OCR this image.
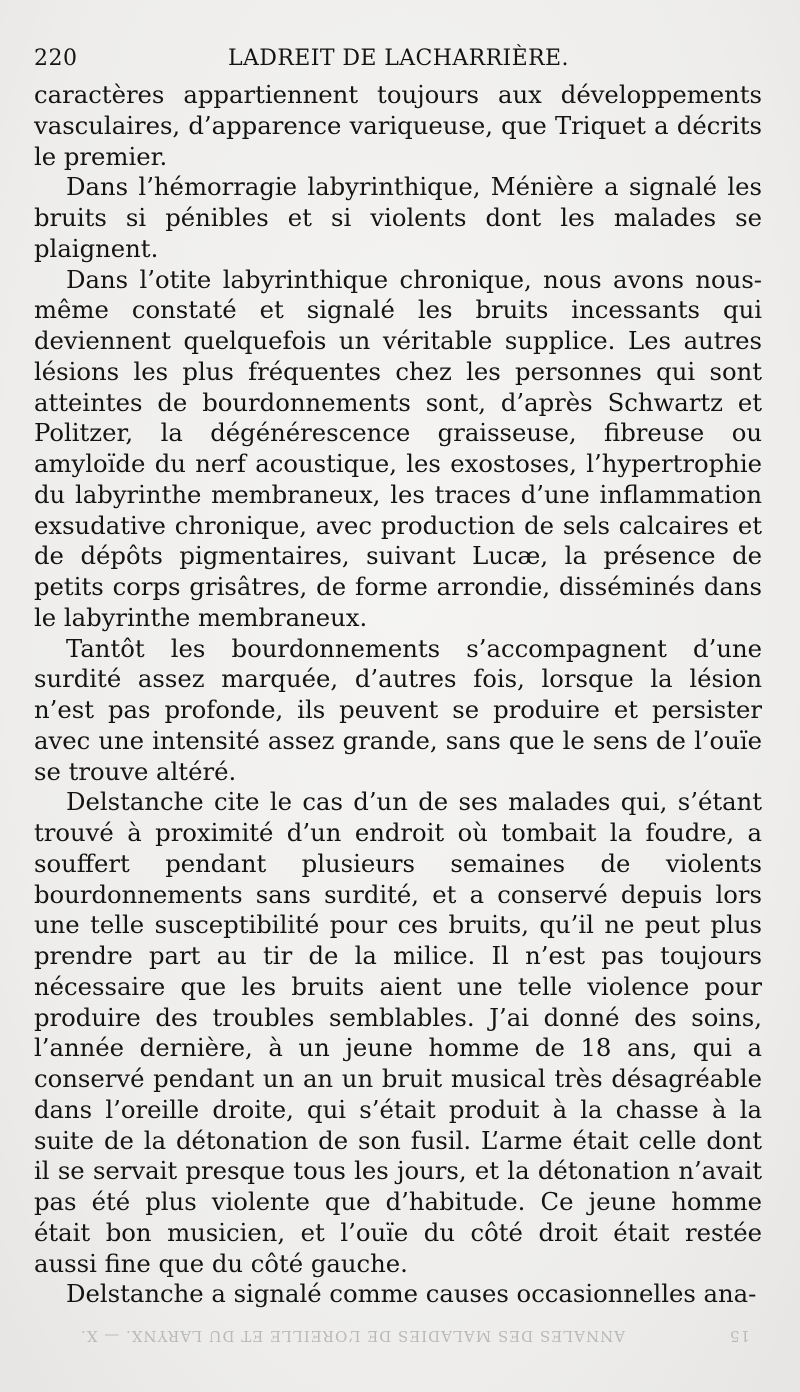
220	LADREIT DE LACHARRIÈRE.

caractères appartiennent toujours aux développements vasculaires, d’apparence variqueuse, que Triquet a décrits le premier.

Dans l’hémorragie labyrinthique, Ménière a signalé les bruits si pénibles et si violents dont les malades se plaignent.

Dans l’otite labyrinthique chronique, nous avons nous-même constaté et signalé les bruits incessants qui deviennent quelquefois un véritable supplice. Les autres lésions les plus fréquentes chez les personnes qui sont atteintes de bourdonnements sont, d’après Schwartz et Politzer, la dégénérescence graisseuse, fibreuse ou amyloïde du nerf acoustique, les exostoses, l’hypertrophie du labyrinthe membraneux, les traces d’une inflammation exsudative chronique, avec production de sels calcaires et de dépôts pigmentaires, suivant Lucæ, la présence de petits corps grisâtres, de forme arrondie, disséminés dans le labyrinthe membraneux.

Tantôt les bourdonnements s’accompagnent d’une surdité assez marquée, d’autres fois, lorsque la lésion n’est pas profonde, ils peuvent se produire et persister avec une intensité assez grande, sans que le sens de l’ouïe se trouve altéré.

Delstanche cite le cas d’un de ses malades qui, s’étant trouvé à proximité d’un endroit où tombait la foudre, a souffert pendant plusieurs semaines de violents bourdonnements sans surdité, et a conservé depuis lors une telle susceptibilité pour ces bruits, qu’il ne peut plus prendre part au tir de la milice. Il n’est pas toujours nécessaire que les bruits aient une telle violence pour produire des troubles semblables. J’ai donné des soins, l’année dernière, à un jeune homme de 18 ans, qui a conservé pendant un an un bruit musical très désagréable dans l’oreille droite, qui s’était produit à la chasse à la suite de la détonation de son fusil. L’arme était celle dont il se servait presque tous les jours, et la détonation n’avait pas été plus violente que d’habitude. Ce jeune homme était bon musicien, et l’ouïe du côté droit était restée aussi fine que du côté gauche.

Delstanche a signalé comme causes occasionnelles ana-

15
ANNALES DES MALADIES DE L’OREILLE ET DU LARYNX. — X.
